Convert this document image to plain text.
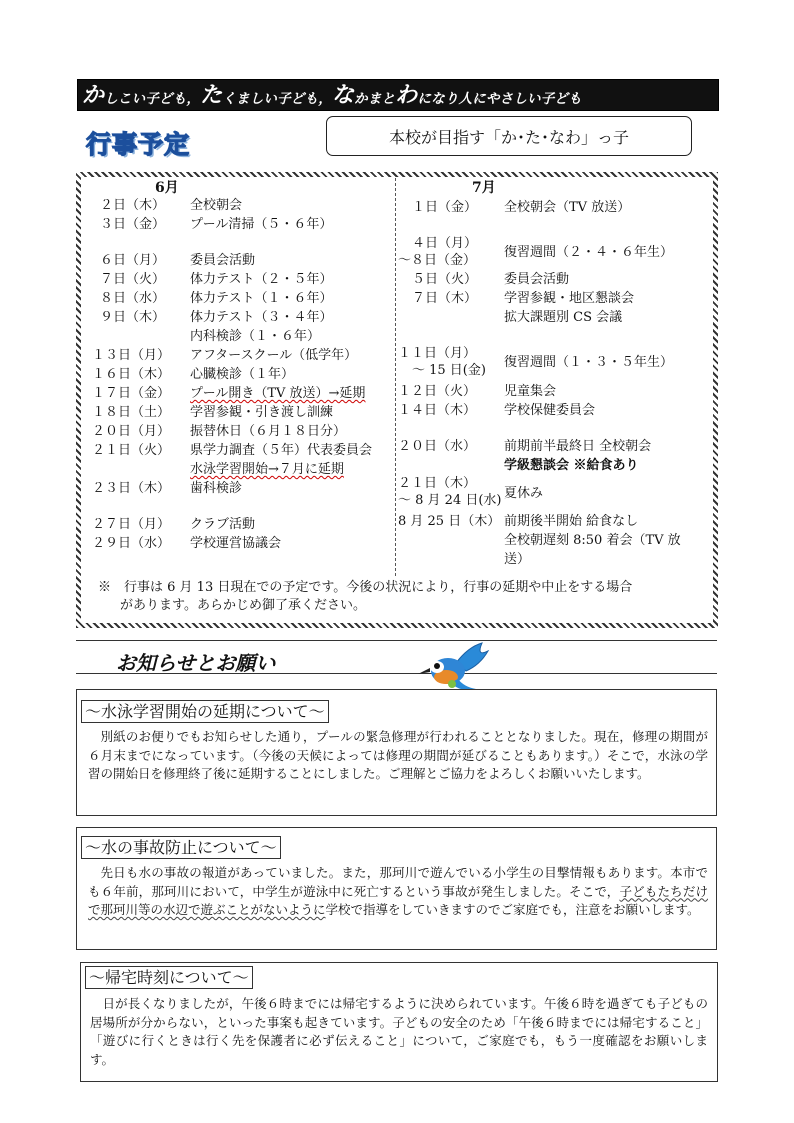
か しこい子ども， た くましい子ども， な かまと わ になり人にやさしい子ども
行事予定	本校が目指す「か･た･なわ」っ子
6月	7月
２日（木） 全校朝会
３日（金） プール清掃（５・６年）
６日（月） 委員会活動
７日（火） 体力テスト（２・５年）
８日（水） 体力テスト（１・６年）
９日（木） 体力テスト（３・４年）
内科検診（１・６年）
１３日（月） アフタースクール（低学年）
１６日（木） 心臓検診（１年）
１７日（金） プール開き（TV 放送）→延期
１８日（土） 学習参観・引き渡し訓練
２０日（月） 振替休日（６月１８日分）
２１日（火） 県学力調査（５年）代表委員会
水泳学習開始→７月に延期
２３日（木） 歯科検診
２７日（月） クラブ活動
２９日（水） 学校運営協議会
１日（金） 全校朝会（TV 放送）
４日（月）
～８日（金）
復習週間（２・４・６年生）
５日（火） 委員会活動
７日（木） 学習参観・地区懇談会
拡大課題別 CS 会議
１１日（月）
～ 15 日(金)
復習週間（１・３・５年生）
１２日（火） 児童集会
１４日（木） 学校保健委員会
２０日（水） 前期前半最終日 全校朝会
学級懇談会 ※給食あり
２１日（木）
～ 8 月 24 日(水) 夏休み
8 月 25 日（木） 前期後半開始 給食なし
全校朝遅刻 8:50 着会（TV 放
送）
※　行事は 6 月 13 日現在での予定です。今後の状況により，行事の延期や中止をする場合
があります。あらかじめ御了承ください。
お知らせとお願い
～水泳学習開始の延期について～
別紙のお便りでもお知らせした通り，プールの緊急修理が行われることとなりました。現在，修理の期間が６月末までになっています。（今後の天候によっては修理の期間が延びることもあります。）そこで，水泳の学習の開始日を修理終了後に延期することにしました。ご理解とご協力をよろしくお願いいたします。
～水の事故防止について～
先日も水の事故の報道があっていました。また，那珂川で遊んでいる小学生の目撃情報もあります。本市でも６年前，那珂川において，中学生が遊泳中に死亡するという事故が発生しました。そこで，子どもたちだけで那珂川等の水辺で遊ぶことがないように学校で指導をしていきますのでご家庭でも，注意をお願いします。
～帰宅時刻について～
日が長くなりましたが，午後６時までには帰宅するように決められています。午後６時を過ぎても子どもの居場所が分からない，といった事案も起きています。子どもの安全のため「午後６時までには帰宅すること」「遊びに行くときは行く先を保護者に必ず伝えること」について，ご家庭でも，もう一度確認をお願いします。
